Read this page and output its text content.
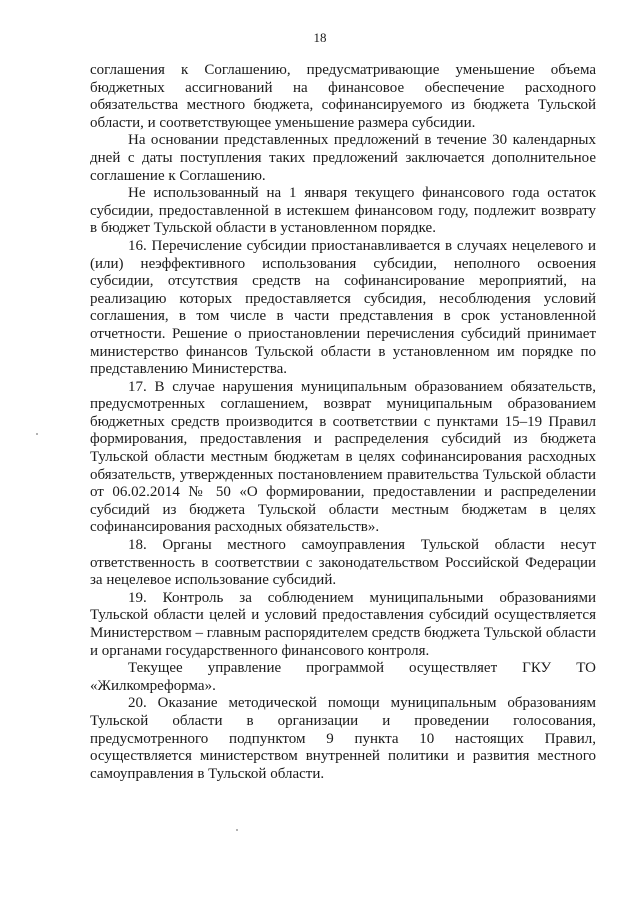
18

соглашения к Соглашению, предусматривающие уменьшение объема бюджетных ассигнований на финансовое обеспечение расходного обязательства местного бюджета, софинансируемого из бюджета Тульской области, и соответствующее уменьшение размера субсидии.

На основании представленных предложений в течение 30 календарных дней с даты поступления таких предложений заключается дополнительное соглашение к Соглашению.

Не использованный на 1 января текущего финансового года остаток субсидии, предоставленной в истекшем финансовом году, подлежит возврату в бюджет Тульской области в установленном порядке.

16. Перечисление субсидии приостанавливается в случаях нецелевого и (или) неэффективного использования субсидии, неполного освоения субсидии, отсутствия средств на софинансирование мероприятий, на реализацию которых предоставляется субсидия, несоблюдения условий соглашения, в том числе в части представления в срок установленной отчетности. Решение о приостановлении перечисления субсидий принимает министерство финансов Тульской области в установленном им порядке по представлению Министерства.

17. В случае нарушения муниципальным образованием обязательств, предусмотренных соглашением, возврат муниципальным образованием бюджетных средств производится в соответствии с пунктами 15–19 Правил формирования, предоставления и распределения субсидий из бюджета Тульской области местным бюджетам в целях софинансирования расходных обязательств, утвержденных постановлением правительства Тульской области от 06.02.2014 № 50 «О формировании, предоставлении и распределении субсидий из бюджета Тульской области местным бюджетам в целях софинансирования расходных обязательств».

18. Органы местного самоуправления Тульской области несут ответственность в соответствии с законодательством Российской Федерации за нецелевое использование субсидий.

19. Контроль за соблюдением муниципальными образованиями Тульской области целей и условий предоставления субсидий осуществляется Министерством – главным распорядителем средств бюджета Тульской области и органами государственного финансового контроля.

Текущее управление программой осуществляет ГКУ ТО «Жилкомреформа».

20. Оказание методической помощи муниципальным образованиям Тульской области в организации и проведении голосования, предусмотренного подпунктом 9 пункта 10 настоящих Правил, осуществляется министерством внутренней политики и развития местного самоуправления в Тульской области.
